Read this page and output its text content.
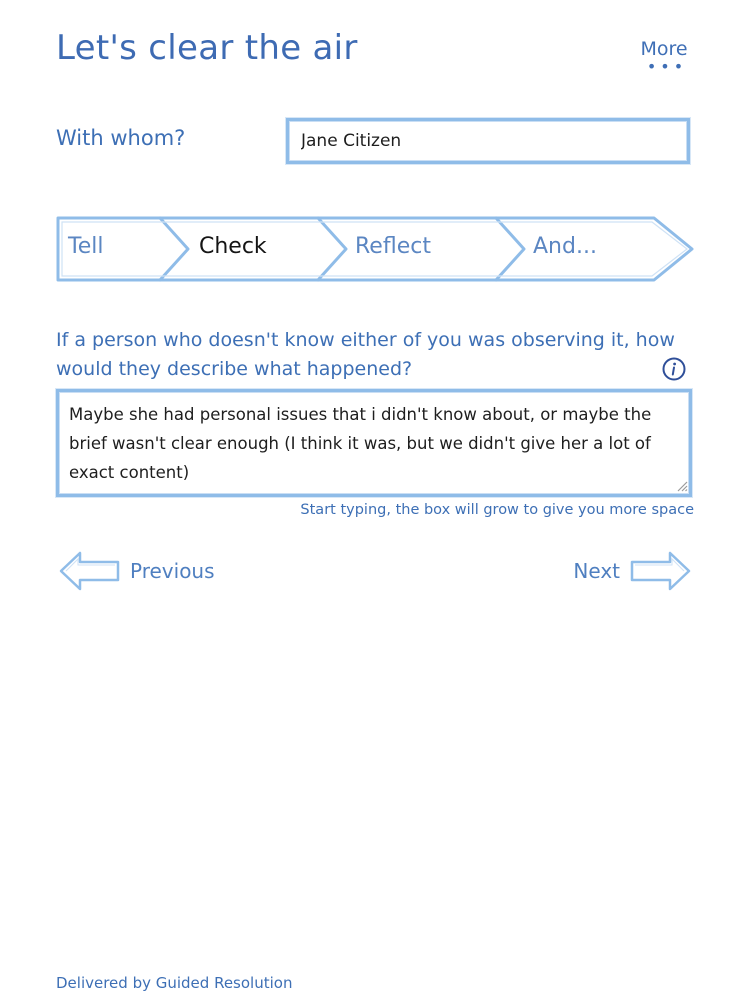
Let's clear the air	More
•••
With whom?
Jane Citizen
Tell	Check	Reflect	And...
If a person who doesn't know either of you was observing it, how would they describe what happened?
Maybe she had personal issues that i didn't know about, or maybe the brief wasn't clear enough (I think it was, but we didn't give her a lot of exact content)
Start typing, the box will grow to give you more space
Previous	Next
Delivered by Guided Resolution
